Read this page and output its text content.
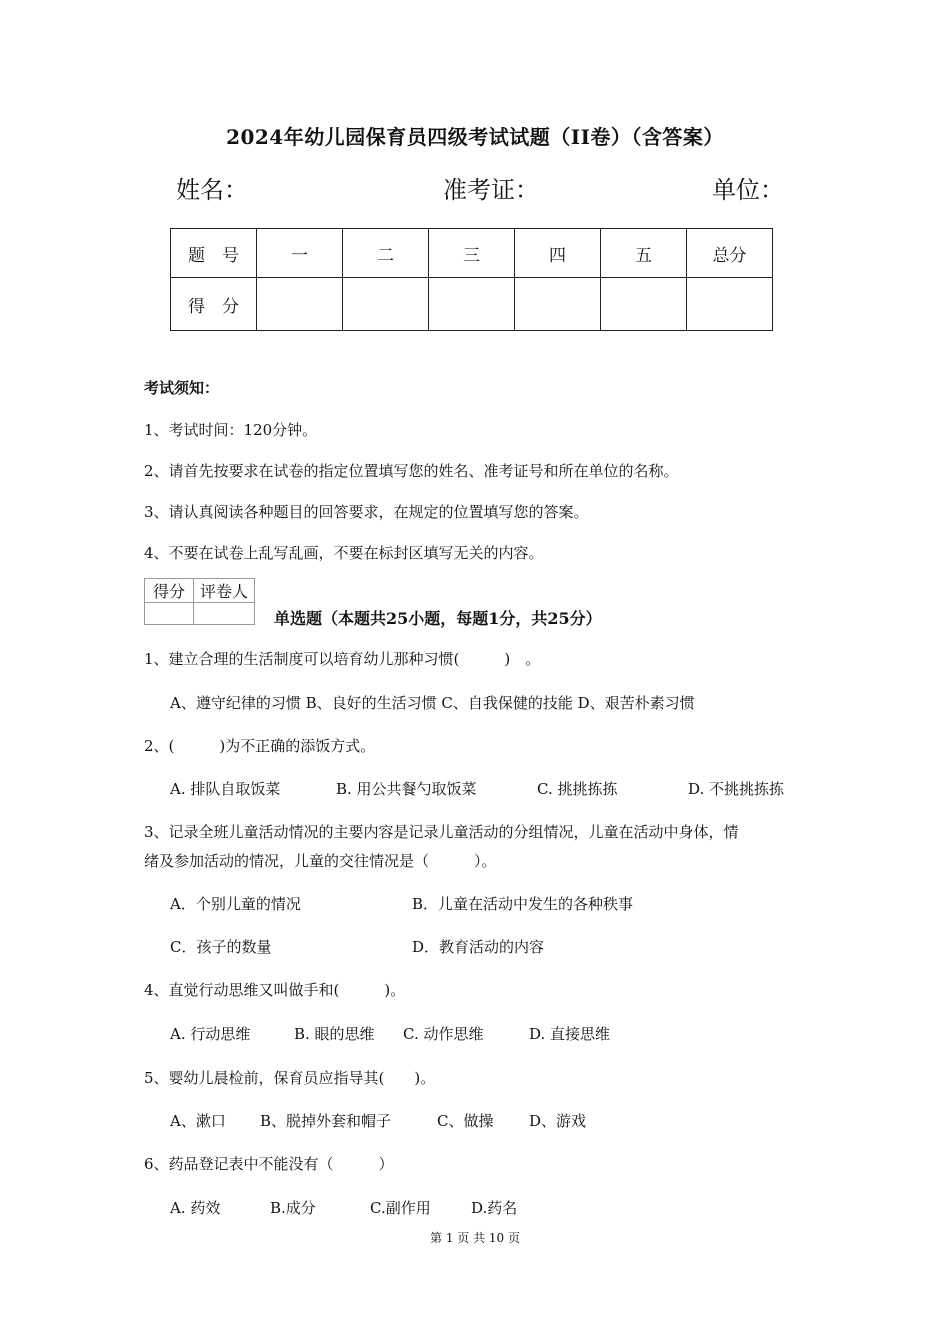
2024年幼儿园保育员四级考试试题（II卷）（含答案）
姓名：	准考证：	单位：
题　号	一	二	三	四	五	总分
得　分						
考试须知：
1、考试时间：120分钟。
2、请首先按要求在试卷的指定位置填写您的姓名、准考证号和所在单位的名称。
3、请认真阅读各种题目的回答要求，在规定的位置填写您的答案。
4、不要在试卷上乱写乱画，不要在标封区填写无关的内容。
得分	评卷人

单选题（本题共25小题，每题1分，共25分）
1、建立合理的生活制度可以培育幼儿那种习惯(　　　)　。
A、遵守纪律的习惯 B、良好的生活习惯 C、自我保健的技能 D、艰苦朴素习惯
2、(　　　)为不正确的添饭方式。
A. 排队自取饭菜	B. 用公共餐勺取饭菜	C. 挑挑拣拣	D. 不挑挑拣拣
3、记录全班儿童活动情况的主要内容是记录儿童活动的分组情况，儿童在活动中身体，情
绪及参加活动的情况，儿童的交往情况是（　　　）。
A．个别儿童的情况	B．儿童在活动中发生的各种秩事
C．孩子的数量	D．教育活动的内容
4、直觉行动思维又叫做手和(　　　)。
A. 行动思维	B. 眼的思维 C. 动作思维	D. 直接思维
5、婴幼儿晨检前，保育员应指导其(　　)。
A、漱口 B、脱掉外套和帽子	C、做操 D、游戏
6、药品登记表中不能没有（　　　）
A. 药效	B.成分	C.副作用	D.药名
第 1 页 共 10 页
